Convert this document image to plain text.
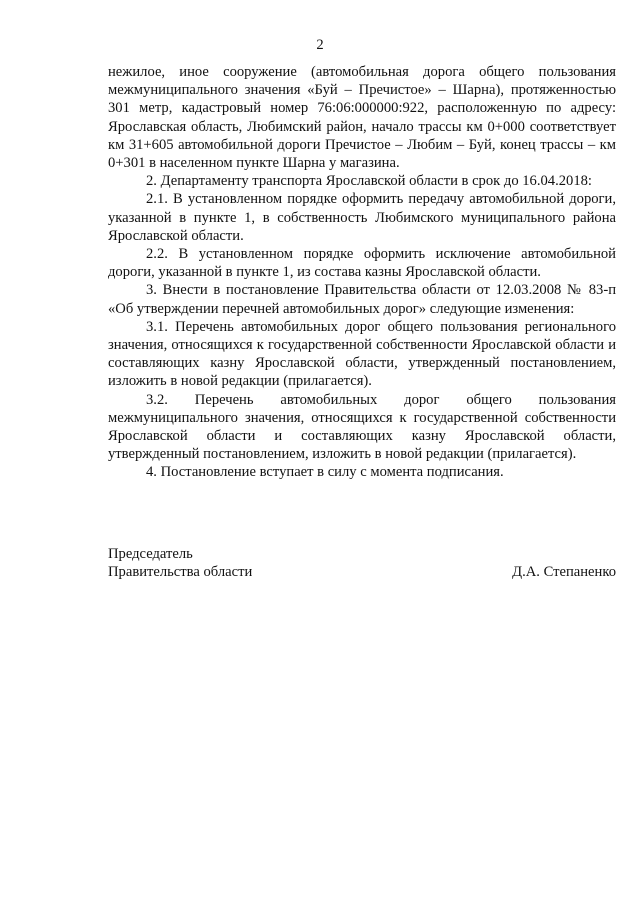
2

нежилое, иное сооружение (автомобильная дорога общего пользования межмуниципального значения «Буй – Пречистое» – Шарна), протяженностью 301 метр, кадастровый номер 76:06:000000:922, расположенную по адресу: Ярославская область, Любимский район, начало трассы км 0+000 соответствует км 31+605 автомобильной дороги Пречистое – Любим – Буй, конец трассы – км 0+301 в населенном пункте Шарна у магазина.

2. Департаменту транспорта Ярославской области в срок до 16.04.2018:

2.1. В установленном порядке оформить передачу автомобильной дороги, указанной в пункте 1, в собственность Любимского муниципального района Ярославской области.

2.2. В установленном порядке оформить исключение автомобильной дороги, указанной в пункте 1, из состава казны Ярославской области.

3. Внести в постановление Правительства области от 12.03.2008 № 83-п «Об утверждении перечней автомобильных дорог» следующие изменения:

3.1. Перечень автомобильных дорог общего пользования регионального значения, относящихся к государственной собственности Ярославской области и составляющих казну Ярославской области, утвержденный постановлением, изложить в новой редакции (прилагается).

3.2. Перечень автомобильных дорог общего пользования межмуниципального значения, относящихся к государственной собственности Ярославской области и составляющих казну Ярославской области, утвержденный постановлением, изложить в новой редакции (прилагается).

4. Постановление вступает в силу с момента подписания.

Председатель
Правительства области	Д.А. Степаненко
